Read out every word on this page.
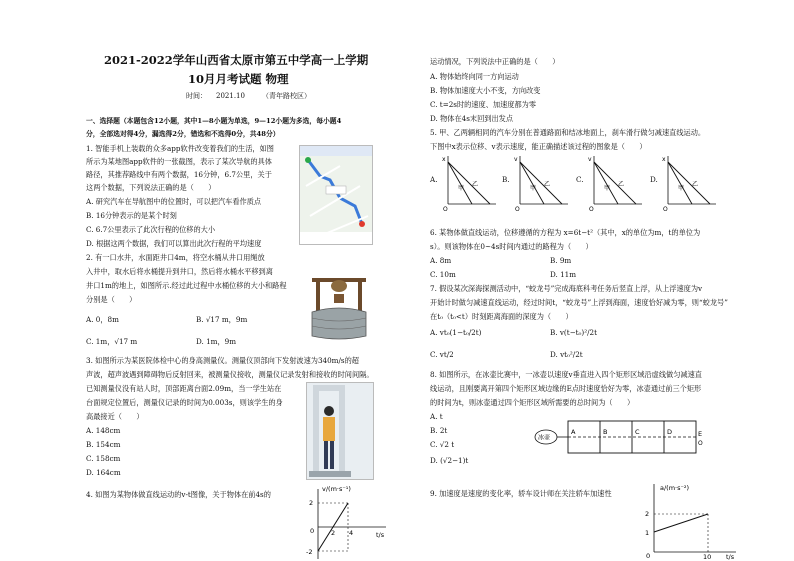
2021-2022学年山西省太原市第五中学高一上学期
10月月考试题 物理
时间： 2021.10 （青年路校区）
一、选择题（本题包含12小题，其中1—8小题为单选，9—12小题为多选，每小题4
分，全部选对得4分，漏选得2分，错选和不选得0分，共48分）
1. 智能手机上装载的众多app软件改变着我们的生活，如图
所示为某地图app软件的一张截图，表示了某次导航的具体
路径，其推荐路线中有两个数据，16分钟，6.7公里，关于
这两个数据，下列说法正确的是（　　）
A. 研究汽车在导航图中的位置时，可以把汽车看作质点
B. 16分钟表示的是某个时刻
C. 6.7公里表示了此次行程的位移的大小
D. 根据这两个数据，我们可以算出此次行程的平均速度
2. 有一口水井，水面距井口4m，将空水桶从井口用绳放
入井中，取水后将水桶提升到井口，然后将水桶水平移到离
井口1m的地上，如图所示.经过此过程中水桶位移的大小和路程
分别是（　　）
A. 0，8m	B. √17 m，9m
C. 1m，√17 m	D. 1m，9m
3. 如图所示为某医院体检中心的身高测量仪。测量仪顶部向下发射波速为340m/s的超
声波，超声波遇到障碍物后反射回来，被测量仪接收，测量仪记录发射和接收的时间间隔。
已知测量仪没有站人时，顶部距离台面2.09m，当一学生站在
台面规定位置后，测量仪记录的时间为0.003s，则该学生的身
高最接近（　　）
A. 148cm
B. 154cm
C. 158cm
D. 164cm
4. 如图为某物体做直线运动的v-t图像，关于物体在前4s的
v/(m·s⁻¹)
t/s
2
0
-2
2 4
运动情况，下列说法中正确的是（　　）
A. 物体始终向同一方向运动
B. 物体加速度大小不变，方向改变
C. t=2s时的速度、加速度都为零
D. 物体在4s末回到出发点
5. 甲、乙两辆相同的汽车分别在普通路面和结冰地面上，刹车滑行做匀减速直线运动。
下图中x表示位移、v表示速度，能正确描述该过程的图象是（　　）
A.
x
甲
乙
O
B.
v
甲
乙
O
C.
v
甲
乙
O
D.
x
甲
乙
O
6. 某物体做直线运动，位移遵循的方程为 x=6t−t²（其中，x的单位为m，t的单位为
s）。则该物体在0~4s时间内通过的路程为（　　）
A. 8m	B. 9m
C. 10m	D. 11m
7. 假设某次深海探测活动中，“蛟龙号”完成海底科考任务后竖直上浮，从上浮速度为v
开始计时做匀减速直线运动，经过时间t，“蛟龙号”上浮到海面，速度恰好减为零，则“蛟龙号”
在t₀（t₀<t）时刻距离海面的深度为（　　）
A. vt₀(1−t₀/2t)	B. v(t−t₀)²/2t
C. vt/2	D. vt₀²/2t
8. 如图所示，在冰壶比赛中，一冰壶以速度v垂直进入四个矩形区域沿虚线做匀减速直
线运动，且刚要离开第四个矩形区域边缘的E点时速度恰好为零，冰壶通过前三个矩形
的时间为t，则冰壶通过四个矩形区域所需要的总时间为（　　）
A. t
B. 2t
C. √2 t
D. (√2−1)t
冰壶
A	B	C	D	E
O
9. 加速度是速度的变化率，轿车设计师在关注轿车加速性
a/(m·s⁻²)
t/s
2
1
0	10
